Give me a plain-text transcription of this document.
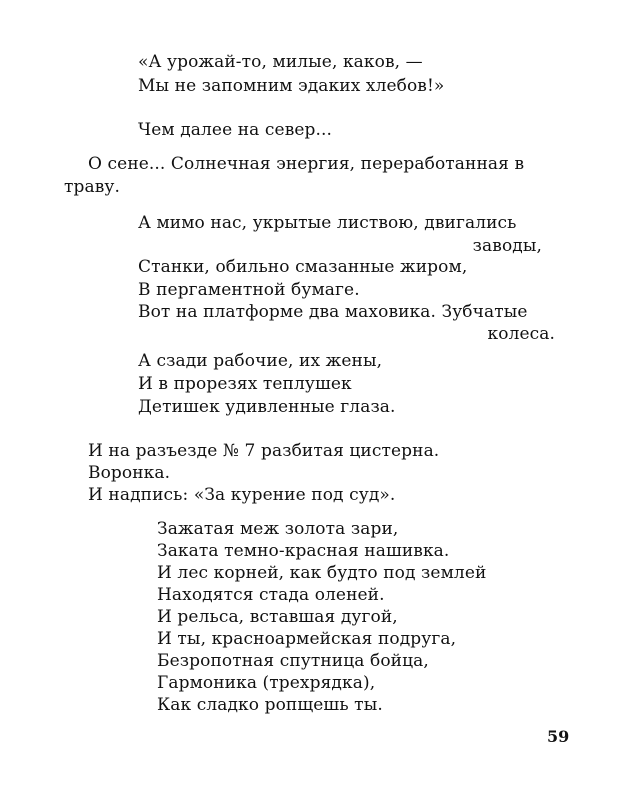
«А урожай-то, милые, каков, —
Мы не запомним эдаких хлебов!»
Чем далее на север...
О сене... Солнечная энергия, переработанная в
траву.
А мимо нас, укрытые листвою, двигались
заводы,
Станки, обильно смазанные жиром,
В пергаментной бумаге.
Вот на платформе два маховика. Зубчатые
колеса.
А сзади рабочие, их жены,
И в прорезях теплушек
Детишек удивленные глаза.
И на разъезде № 7 разбитая цистерна.
Воронка.
И надпись: «За курение под суд».
Зажатая меж золота зари,
Заката темно-красная нашивка.
И лес корней, как будто под землей
Находятся стада оленей.
И рельса, вставшая дугой,
И ты, красноармейская подруга,
Безропотная спутница бойца,
Гармоника (трехрядка),
Как сладко ропщешь ты.
59
